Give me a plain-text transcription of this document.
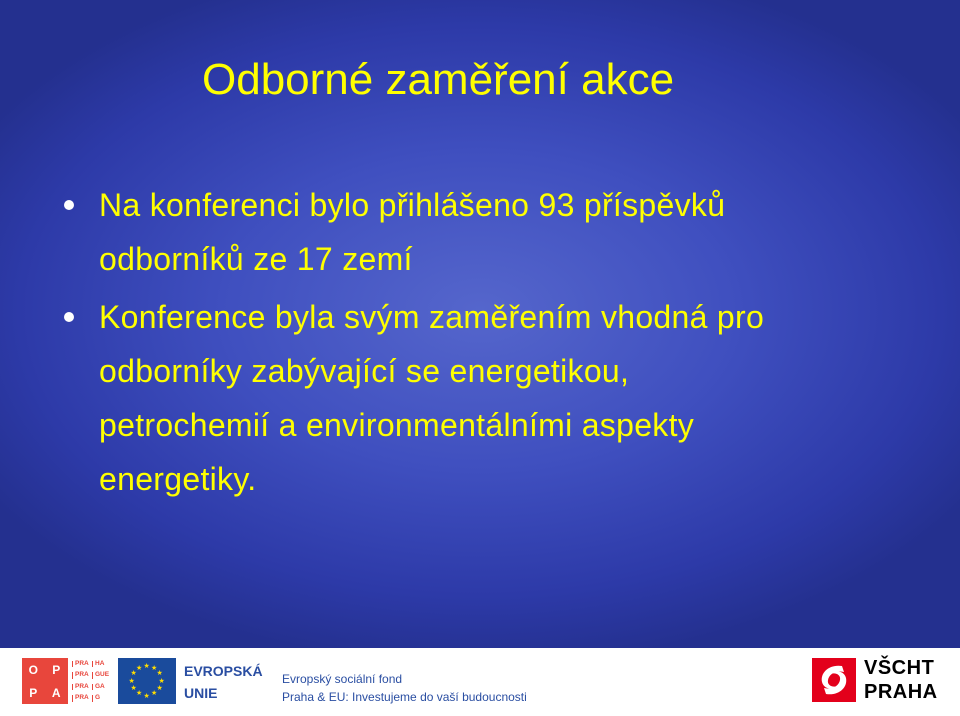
Odborné zaměření akce
Na konferenci bylo přihlášeno 93 příspěvků
odborníků ze 17 zemí
Konference byla svým zaměřením vhodná pro
odborníky zabývající se energetikou,
petrochemií a environmentálními aspekty
energetiky.
O	P
P	A
PRA HA
PRA GUE
PRA GA
PRA G
★ ★
★
★
★
★
★
★
★
★
★
★	EVROPSKÁ
UNIE
Evropský sociální fond
Praha & EU: Investujeme do vaší budoucnosti
VŠCHT
PRAHA
